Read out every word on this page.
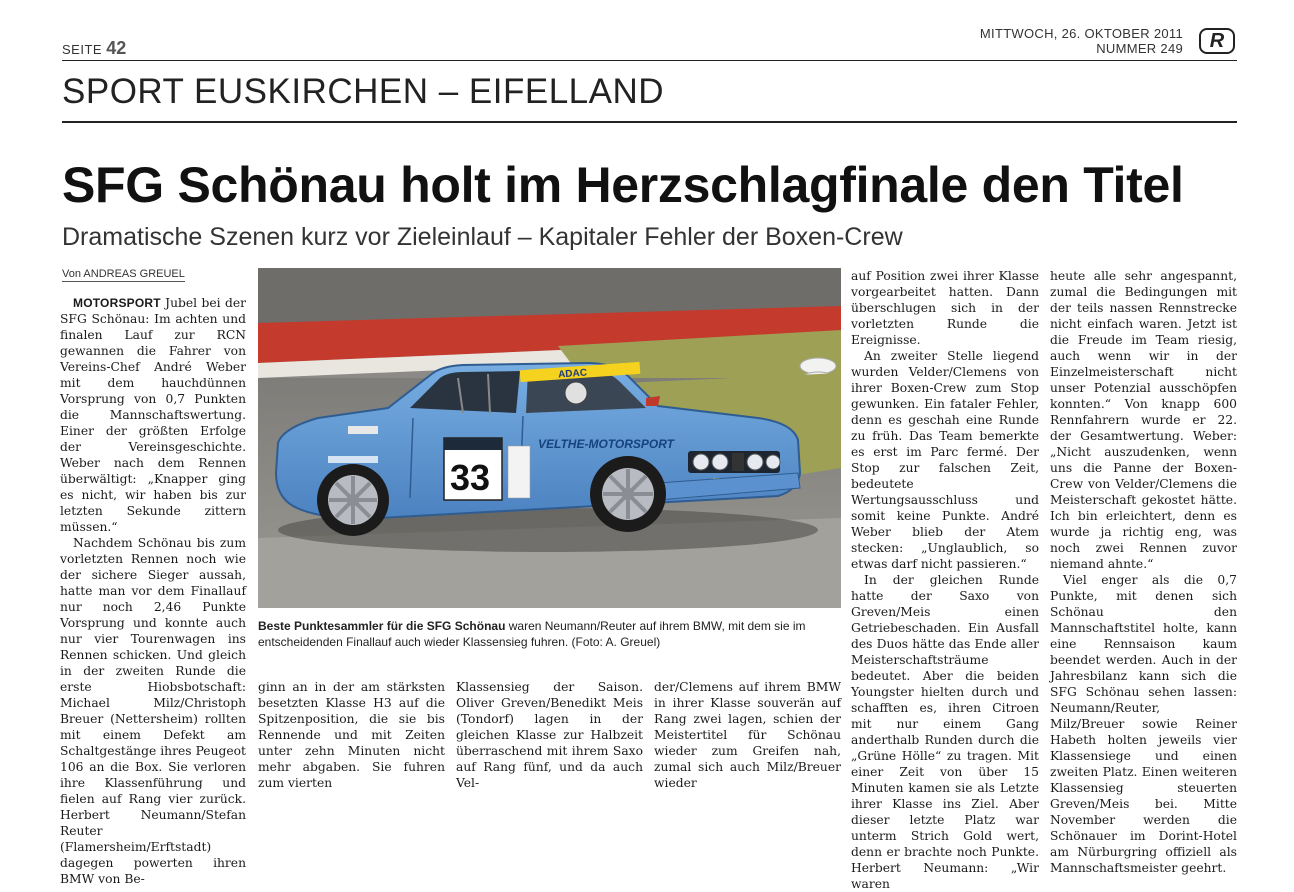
SEITE 42
MITTWOCH, 26. OKTOBER 2011
NUMMER 249	R
SPORT EUSKIRCHEN – EIFELLAND
SFG Schönau holt im Herzschlagfinale den Titel
Dramatische Szenen kurz vor Zieleinlauf – Kapitaler Fehler der Boxen-Crew
Von ANDREAS GREUEL

MOTORSPORT Jubel bei der SFG Schönau: Im achten und finalen Lauf zur RCN gewannen die Fahrer von Vereins-Chef André Weber mit dem hauchdünnen Vorsprung von 0,7 Punkten die Mannschaftswertung. Einer der größten Erfolge der Vereinsgeschichte. Weber nach dem Rennen überwältigt: „Knapper ging es nicht, wir haben bis zur letzten Sekunde zittern müssen.“

Nachdem Schönau bis zum vorletzten Rennen noch wie der sichere Sieger aussah, hatte man vor dem Finallauf nur noch 2,46 Punkte Vorsprung und konnte auch nur vier Tourenwagen ins Rennen schicken. Und gleich in der zweiten Runde die erste Hiobsbotschaft: Michael Milz/Christoph Breuer (Nettersheim) rollten mit einem Defekt am Schaltgestänge ihres Peugeot 106 an die Box. Sie verloren ihre Klassenführung und fielen auf Rang vier zurück. Herbert Neumann/Stefan Reuter (Flamersheim/Erftstadt) dagegen powerten ihren BMW von Be-

ADAC
VELTHE-MOTORSPORT
33
Beste Punktesammler für die SFG Schönau waren Neumann/Reuter auf ihrem BMW, mit dem sie im entscheidenden Finallauf auch wieder Klassensieg fuhren. (Foto: A. Greuel)

ginn an in der am stärksten besetzten Klasse H3 auf die Spitzenposition, die sie bis Rennende und mit Zeiten unter zehn Minuten nicht mehr abgaben. Sie fuhren zum vierten

Klassensieg der Saison. Oliver Greven/Benedikt Meis (Tondorf) lagen in der gleichen Klasse zur Halbzeit überraschend mit ihrem Saxo auf Rang fünf, und da auch Vel-

der/Clemens auf ihrem BMW in ihrer Klasse souverän auf Rang zwei lagen, schien der Meistertitel für Schönau wieder zum Greifen nah, zumal sich auch Milz/Breuer wieder

auf Position zwei ihrer Klasse vorgearbeitet hatten. Dann überschlugen sich in der vorletzten Runde die Ereignisse.

An zweiter Stelle liegend wurden Velder/Clemens von ihrer Boxen-Crew zum Stop gewunken. Ein fataler Fehler, denn es geschah eine Runde zu früh. Das Team bemerkte es erst im Parc fermé. Der Stop zur falschen Zeit, bedeutete Wertungsausschluss und somit keine Punkte. André Weber blieb der Atem stecken: „Unglaublich, so etwas darf nicht passieren.“

In der gleichen Runde hatte der Saxo von Greven/Meis einen Getriebeschaden. Ein Ausfall des Duos hätte das Ende aller Meisterschaftsträume bedeutet. Aber die beiden Youngster hielten durch und schafften es, ihren Citroen mit nur einem Gang anderthalb Runden durch die „Grüne Hölle“ zu tragen. Mit einer Zeit von über 15 Minuten kamen sie als Letzte ihrer Klasse ins Ziel. Aber dieser letzte Platz war unterm Strich Gold wert, denn er brachte noch Punkte. Herbert Neumann: „Wir waren

heute alle sehr angespannt, zumal die Bedingungen mit der teils nassen Rennstrecke nicht einfach waren. Jetzt ist die Freude im Team riesig, auch wenn wir in der Einzelmeisterschaft nicht unser Potenzial ausschöpfen konnten.“ Von knapp 600 Rennfahrern wurde er 22. der Gesamtwertung. Weber: „Nicht auszudenken, wenn uns die Panne der Boxen-Crew von Velder/Clemens die Meisterschaft gekostet hätte. Ich bin erleichtert, denn es wurde ja richtig eng, was noch zwei Rennen zuvor niemand ahnte.“

Viel enger als die 0,7 Punkte, mit denen sich Schönau den Mannschaftstitel holte, kann eine Rennsaison kaum beendet werden. Auch in der Jahresbilanz kann sich die SFG Schönau sehen lassen: Neumann/Reuter, Milz/Breuer sowie Reiner Habeth holten jeweils vier Klassensiege und einen zweiten Platz. Einen weiteren Klassensieg steuerten Greven/Meis bei. Mitte November werden die Schönauer im Dorint-Hotel am Nürburgring offiziell als Mannschaftsmeister geehrt.
